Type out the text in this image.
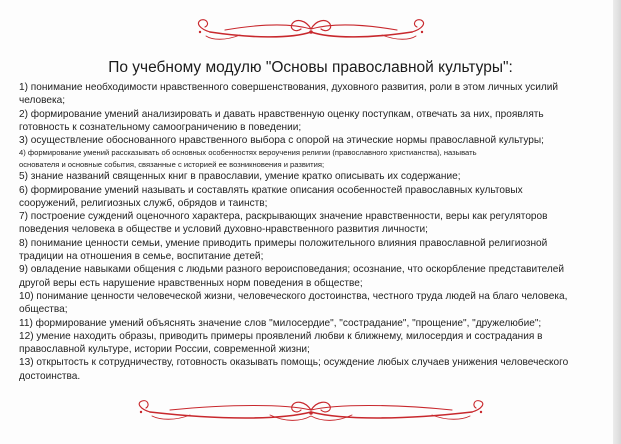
По учебному модулю "Основы православной культуры":
1) понимание необходимости нравственного совершенствования, духовного развития, роли в этом личных усилий
человека;
2) формирование умений анализировать и давать нравственную оценку поступкам, отвечать за них, проявлять
готовность к сознательному самоограничению в поведении;
3) осуществление обоснованного нравственного выбора с опорой на этические нормы православной культуры;
4) формирование умений рассказывать об основных особенностях вероучения религии (православного христианства), называть
основателя и основные события, связанные с историей ее возникновения и развития;
5) знание названий священных книг в православии, умение кратко описывать их содержание;
6) формирование умений называть и составлять краткие описания особенностей православных культовых
сооружений, религиозных служб, обрядов и таинств;
7) построение суждений оценочного характера, раскрывающих значение нравственности, веры как регуляторов
поведения человека в обществе и условий духовно-нравственного развития личности;
8) понимание ценности семьи, умение приводить примеры положительного влияния православной религиозной
традиции на отношения в семье, воспитание детей;
9) овладение навыками общения с людьми разного вероисповедания; осознание, что оскорбление представителей
другой веры есть нарушение нравственных норм поведения в обществе;
10) понимание ценности человеческой жизни, человеческого достоинства, честного труда людей на благо человека,
общества;
11) формирование умений объяснять значение слов "милосердие", "сострадание", "прощение", "дружелюбие";
12) умение находить образы, приводить примеры проявлений любви к ближнему, милосердия и сострадания в
православной культуре, истории России, современной жизни;
13) открытость к сотрудничеству, готовность оказывать помощь; осуждение любых случаев унижения человеческого
достоинства.
